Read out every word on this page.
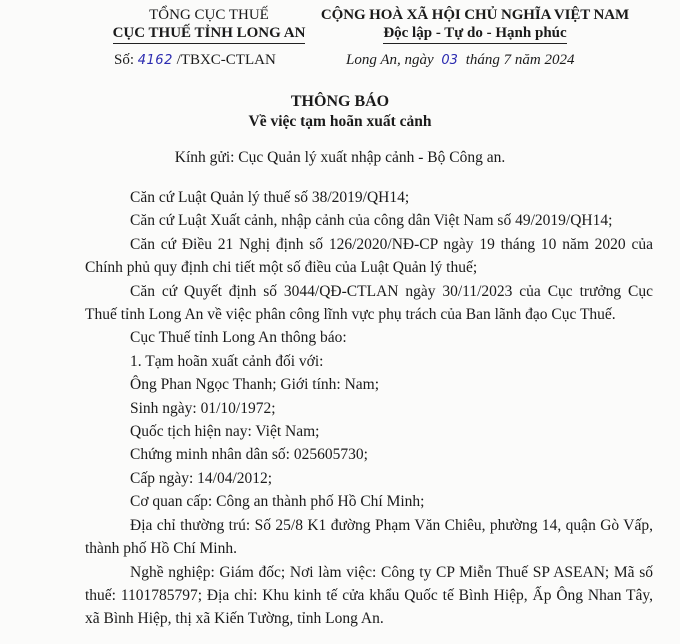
TỔNG CỤC THUẾ
CỤC THUẾ TỈNH LONG AN
CỘNG HOÀ XÃ HỘI CHỦ NGHĨA VIỆT NAM
Độc lập - Tự do - Hạnh phúc
Số: 4162 /TBXC-CTLAN	Long An, ngày 03 tháng 7 năm 2024
THÔNG BÁO
Về việc tạm hoãn xuất cảnh
Kính gửi: Cục Quản lý xuất nhập cảnh - Bộ Công an.

Căn cứ Luật Quản lý thuế số 38/2019/QH14;

Căn cứ Luật Xuất cảnh, nhập cảnh của công dân Việt Nam số 49/2019/QH14;

Căn cứ Điều 21 Nghị định số 126/2020/NĐ-CP ngày 19 tháng 10 năm 2020 của Chính phủ quy định chi tiết một số điều của Luật Quản lý thuế;

Căn cứ Quyết định số 3044/QĐ-CTLAN ngày 30/11/2023 của Cục trưởng Cục Thuế tỉnh Long An về việc phân công lĩnh vực phụ trách của Ban lãnh đạo Cục Thuế.

Cục Thuế tỉnh Long An thông báo:

1. Tạm hoãn xuất cảnh đối với:

Ông Phan Ngọc Thanh; Giới tính: Nam;

Sinh ngày: 01/10/1972;

Quốc tịch hiện nay: Việt Nam;

Chứng minh nhân dân số: 025605730;

Cấp ngày: 14/04/2012;

Cơ quan cấp: Công an thành phố Hồ Chí Minh;

Địa chỉ thường trú: Số 25/8 K1 đường Phạm Văn Chiêu, phường 14, quận Gò Vấp, thành phố Hồ Chí Minh.

Nghề nghiệp: Giám đốc; Nơi làm việc: Công ty CP Miễn Thuế SP ASEAN; Mã số thuế: 1101785797; Địa chỉ: Khu kinh tế cửa khẩu Quốc tế Bình Hiệp, Ấp Ông Nhan Tây, xã Bình Hiệp, thị xã Kiến Tường, tỉnh Long An.
